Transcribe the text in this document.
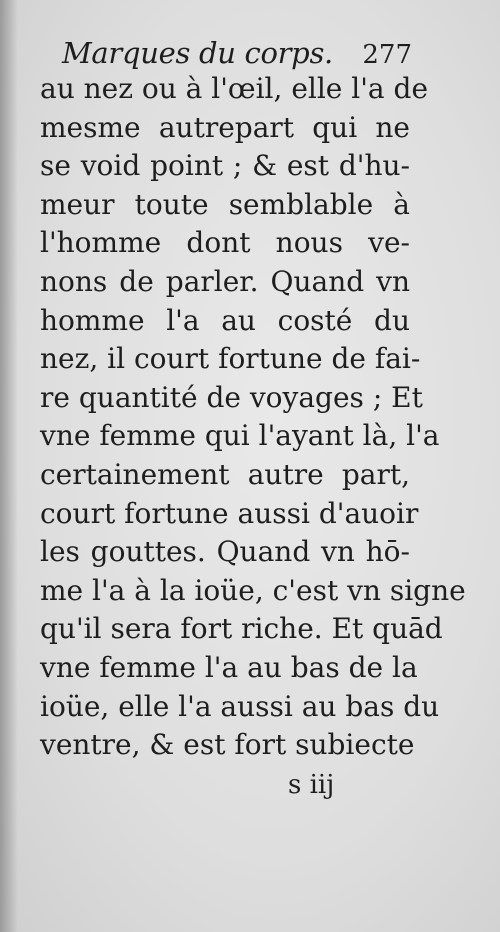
Marques du corps. 277
au nez ou à l'œil, elle l'a de
mesme autrepart qui ne
se void point ; & est d'hu-
meur toute semblable à
l'homme dont nous ve-
nons de parler. Quand vn
homme l'a au costé du
nez, il court fortune de fai-
re quantité de voyages ; Et
vne femme qui l'ayant là, l'a
certainement autre part,
court fortune aussi d'auoir
les gouttes. Quand vn hō-
me l'a à la ioüe, c'est vn signe
qu'il sera fort riche. Et quād
vne femme l'a au bas de la
ioüe, elle l'a aussi au bas du
ventre, & est fort subiecte
s iij
